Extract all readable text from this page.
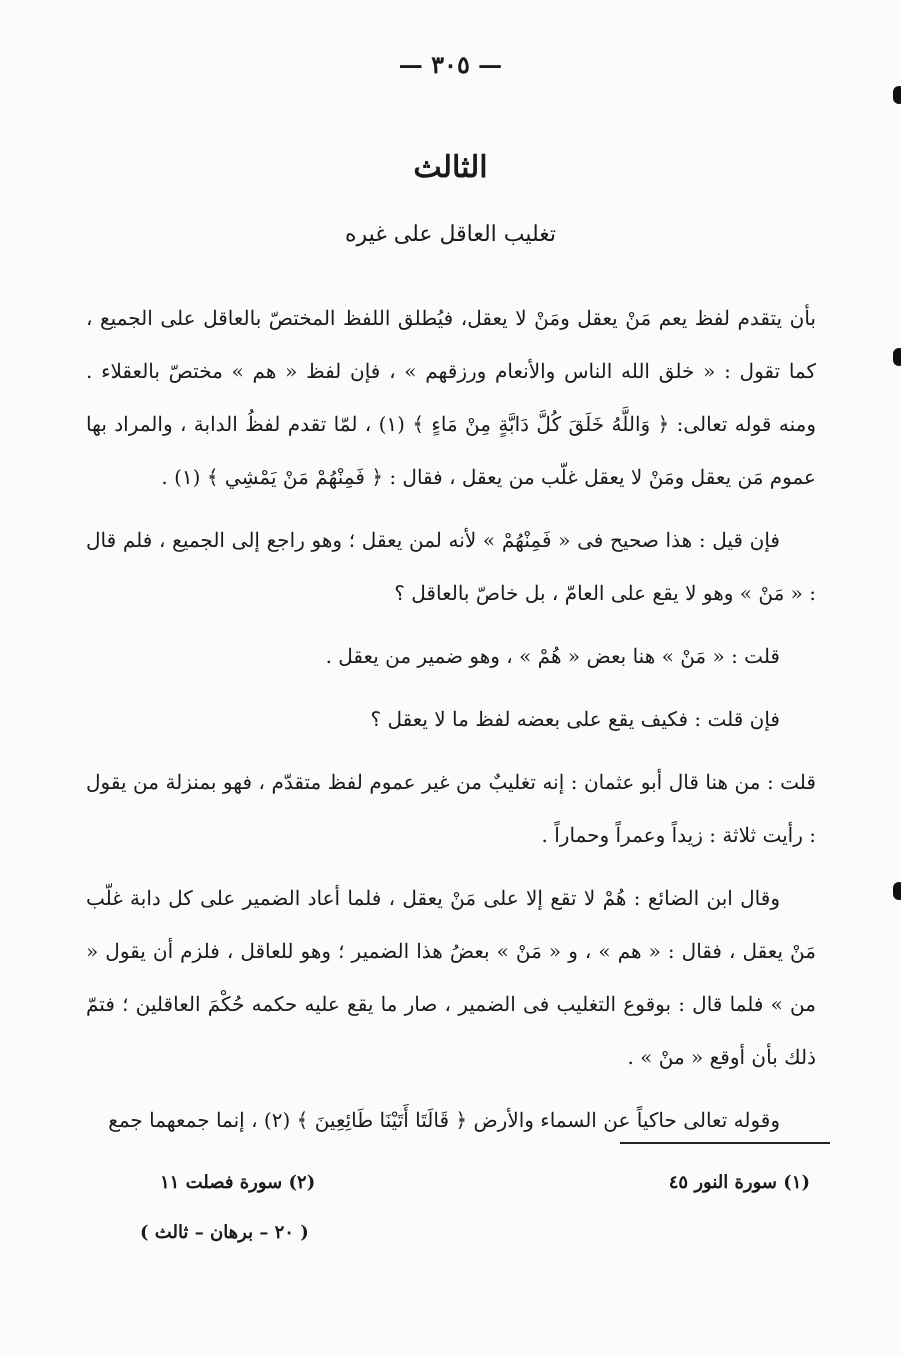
— ٣٠٥ —
الثالث
تغليب العاقل على غيره

بأن يتقدم لفظ يعم مَنْ يعقل ومَنْ لا يعقل، فيُطلق اللفظ المختصّ بالعاقل على الجميع ، كما تقول : « خلق الله الناس والأنعام ورزقهم » ، فإن لفظ « هم » مختصّ بالعقلاء . ومنه قوله تعالى: ﴿ وَاللَّهُ خَلَقَ كُلَّ دَابَّةٍ مِنْ مَاءٍ ﴾ (١) ، لمّا تقدم لفظُ الدابة ، والمراد بها عموم مَن يعقل ومَنْ لا يعقل غلّب من يعقل ، فقال : ﴿ فَمِنْهُمْ مَنْ يَمْشِي ﴾ (١) .

فإن قيل : هذا صحيح فى « فَمِنْهُمْ » لأنه لمن يعقل ؛ وهو راجع إلى الجميع ، فلم قال : « مَنْ » وهو لا يقع على العامّ ، بل خاصّ بالعاقل ؟

قلت : « مَنْ » هنا بعض « هُمْ » ، وهو ضمير من يعقل .

فإن قلت : فكيف يقع على بعضه لفظ ما لا يعقل ؟

قلت : من هنا قال أبو عثمان : إنه تغليبٌ من غير عموم لفظ متقدّم ، فهو بمنزلة من يقول : رأيت ثلاثة : زيداً وعمراً وحماراً .

وقال ابن الضائع : هُمْ لا تقع إلا على مَنْ يعقل ، فلما أعاد الضمير على كل دابة غلّب مَنْ يعقل ، فقال : « هم » ، و « مَنْ » بعضُ هذا الضمير ؛ وهو للعاقل ، فلزم أن يقول « من » فلما قال : بوقوع التغليب فى الضمير ، صار ما يقع عليه حكمه حُكْمَ العاقلين ؛ فتمّ ذلك بأن أوقع « منْ » .

وقوله تعالى حاكياً عن السماء والأرض ﴿ قَالَتَا أَتَيْنَا طَائِعِينَ ﴾ (٢) ، إنما جمعهما جمع

(١) سورة النور ٤٥
(٢) سورة فصلت ١١
( ٢٠ – برهان – ثالث )
